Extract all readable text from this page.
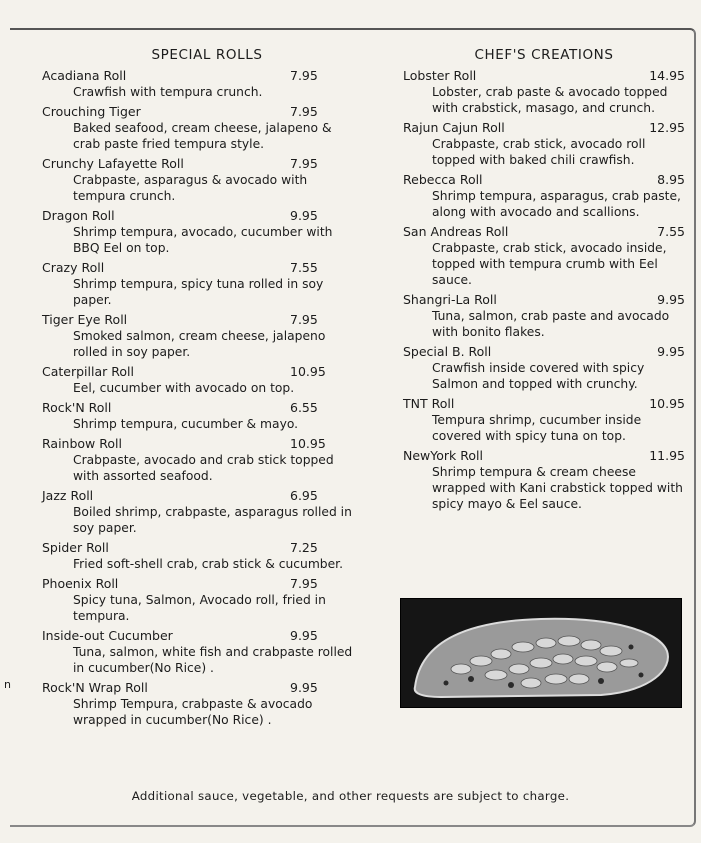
SPECIAL ROLLS
Acadiana Roll	7.95
Crawfish with tempura crunch.
Crouching Tiger	7.95
Baked seafood, cream cheese, jalapeno & crab paste fried tempura style.
Crunchy Lafayette Roll	7.95
Crabpaste, asparagus & avocado with tempura crunch.
Dragon Roll	9.95
Shrimp tempura, avocado, cucumber with BBQ Eel on top.
Crazy Roll	7.55
Shrimp tempura, spicy tuna rolled in soy paper.
Tiger Eye Roll	7.95
Smoked salmon, cream cheese, jalapeno rolled in soy paper.
Caterpillar Roll	10.95
Eel, cucumber with avocado on top.
Rock'N Roll	6.55
Shrimp tempura, cucumber & mayo.
Rainbow Roll	10.95
Crabpaste, avocado and crab stick topped with assorted seafood.
Jazz Roll	6.95
Boiled shrimp, crabpaste, asparagus rolled in soy paper.
Spider Roll	7.25
Fried soft-shell crab, crab stick & cucumber.
Phoenix Roll	7.95
Spicy tuna, Salmon, Avocado roll, fried in tempura.
Inside-out Cucumber	9.95
Tuna, salmon, white fish and crabpaste rolled in cucumber(No Rice) .
Rock'N Wrap Roll	9.95
Shrimp Tempura, crabpaste & avocado wrapped in cucumber(No Rice) .
CHEF'S CREATIONS
Lobster Roll	14.95
Lobster, crab paste & avocado topped with crabstick, masago, and crunch.
Rajun Cajun Roll	12.95
Crabpaste, crab stick, avocado roll topped with baked chili crawfish.
Rebecca Roll	8.95
Shrimp tempura, asparagus, crab paste, along with avocado and scallions.
San Andreas Roll	7.55
Crabpaste, crab stick, avocado inside, topped with tempura crumb with Eel sauce.
Shangri-La Roll	9.95
Tuna, salmon, crab paste and avocado with bonito flakes.
Special B. Roll	9.95
Crawfish inside covered with spicy Salmon and topped with crunchy.
TNT Roll	10.95
Tempura shrimp, cucumber inside covered with spicy tuna on top.
NewYork Roll	11.95
Shrimp tempura & cream cheese wrapped with Kani crabstick topped with spicy mayo & Eel sauce.
n
Additional sauce, vegetable, and other requests are subject to charge.
